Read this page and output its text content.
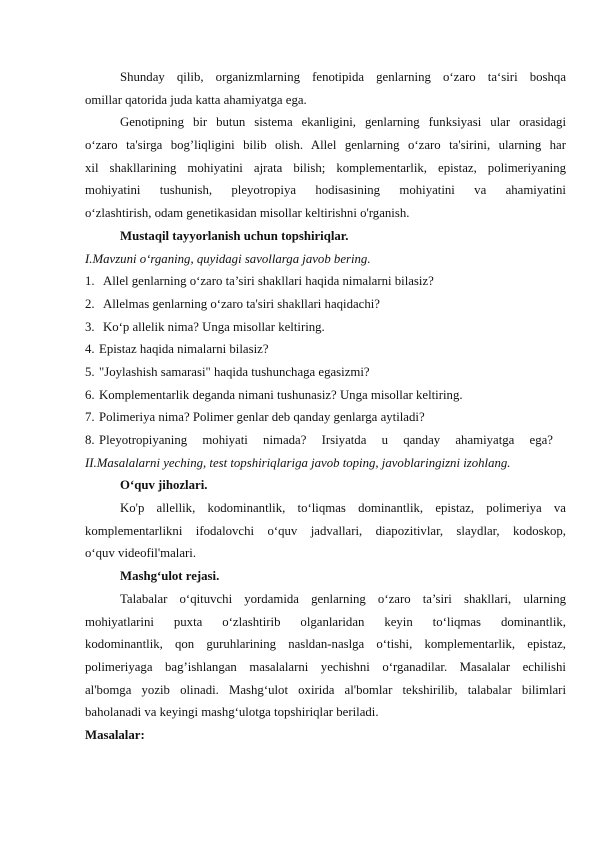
Shunday qilib, organizmlarning fenotipida genlarning o‘zaro ta‘siri boshqa
omillar qatorida juda katta ahamiyatga ega.
Genotipning bir butun sistema ekanligini, genlarning funksiyasi ular orasidagi
o‘zaro ta'sirga bog’liqligini bilib olish. Allel genlarning o‘zaro ta'sirini, ularning har
xil shakllarining mohiyatini ajrata bilish; komplementarlik, epistaz, polimeriyaning
mohiyatini tushunish, pleyotropiya hodisasining mohiyatini va ahamiyatini
o‘zlashtirish, odam genetikasidan misollar keltirishni o'rganish.
Mustaqil tayyorlanish uchun topshiriqlar.
I.Mavzuni o‘rganing, quyidagi savollarga javob bering.
1. Allel genlarning o‘zaro ta’siri shakllari haqida nimalarni bilasiz?
2. Allelmas genlarning o‘zaro ta'siri shakllari haqidachi?
3. Ko‘p allelik nima? Unga misollar keltiring.
4. Epistaz haqida nimalarni bilasiz?
5. "Joylashish samarasi" haqida tushunchaga egasizmi?
6. Komplementarlik deganda nimani tushunasiz? Unga misollar keltiring.
7. Polimeriya nima? Polimer genlar deb qanday genlarga aytiladi?
8. Pleyotropiyaning mohiyati nimada? Irsiyatda u qanday ahamiyatga ega?
II.Masalalarni yeching, test topshiriqlariga javob toping, javoblaringizni izohlang.
O‘quv jihozlari.
Ko'p allellik, kodominantlik, to‘liqmas dominantlik, epistaz, polimeriya va
komplementarlikni ifodalovchi o‘quv jadvallari, diapozitivlar, slaydlar, kodoskop,
o‘quv videofil'malari.
Mashg‘ulot rejasi.
Talabalar o‘qituvchi yordamida genlarning o‘zaro ta’siri shakllari, ularning
mohiyatlarini puxta o‘zlashtirib olganlaridan keyin to‘liqmas dominantlik,
kodominantlik, qon guruhlarining nasldan-naslga o‘tishi, komplementarlik, epistaz,
polimeriyaga bag’ishlangan masalalarni yechishni o‘rganadilar. Masalalar echilishi
al'bomga yozib olinadi. Mashg‘ulot oxirida al'bomlar tekshirilib, talabalar bilimlari
baholanadi va keyingi mashg‘ulotga topshiriqlar beriladi.
Masalalar:
